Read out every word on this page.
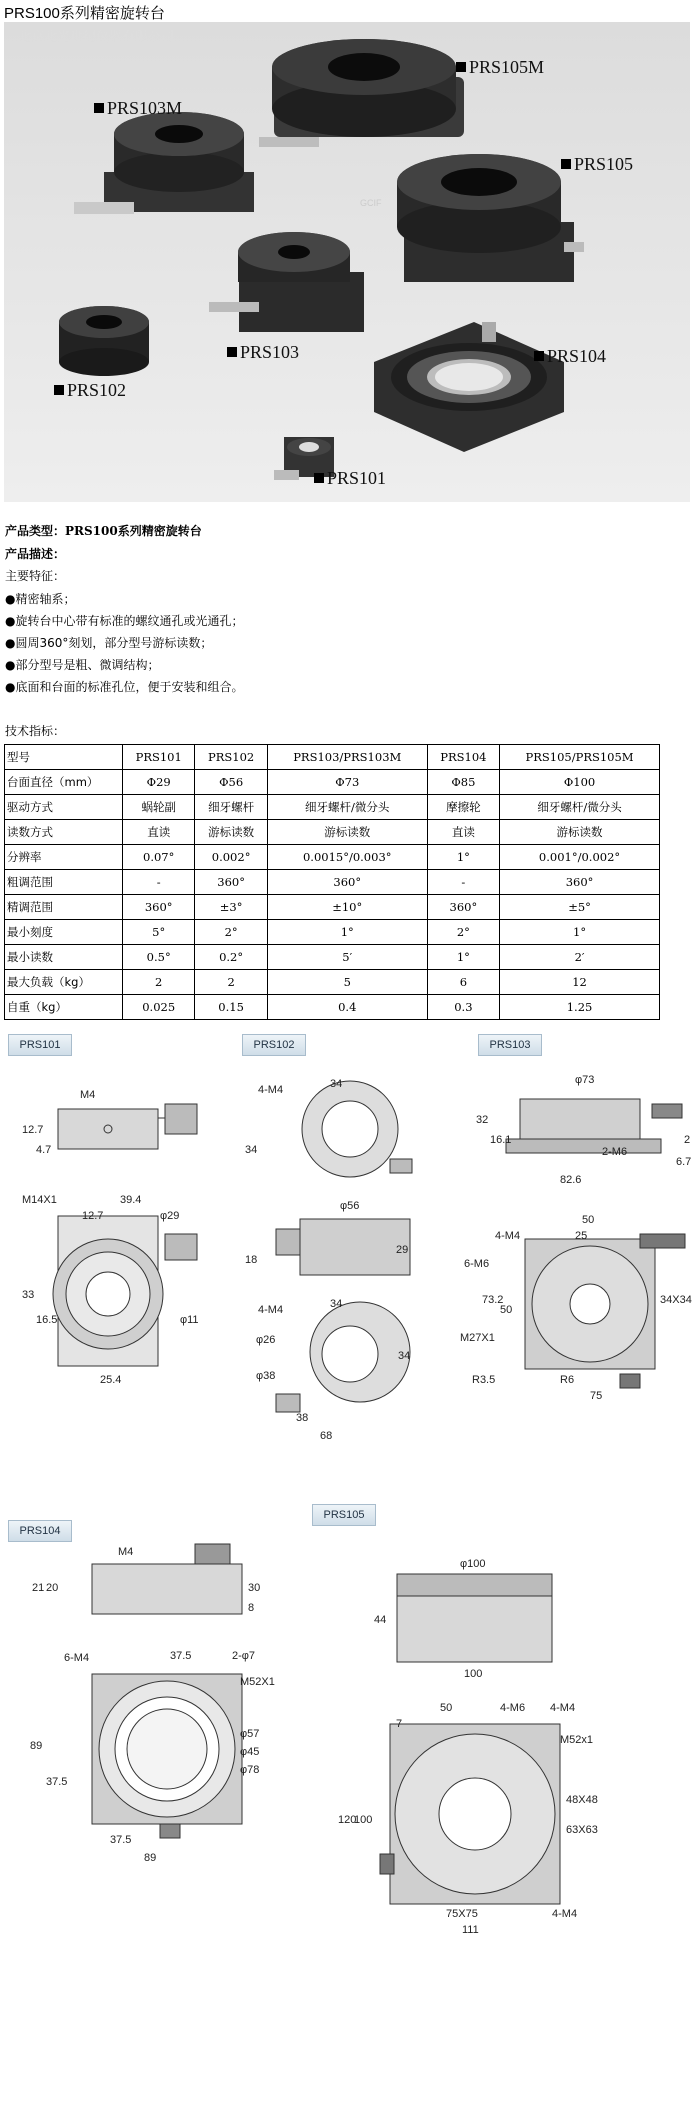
PRS100系列精密旋转台
GCIF
PRS103M
PRS105M
PRS105
PRS103	PRS104
PRS102
PRS101
北京北光世纪仪器有限公司
产品类型：PRS100系列精密旋转台
产品描述：
主要特征：
●精密轴系；
●旋转台中心带有标准的螺纹通孔或光通孔；
●圆周360°刻划，部分型号游标读数；
●部分型号是粗、微调结构；
●底面和台面的标准孔位，便于安装和组合。
技术指标：
型号	PRS101	PRS102	PRS103/PRS103M	PRS104	PRS105/PRS105M
台面直径（mm）	Φ29	Φ56	Φ73	Φ85	Φ100
驱动方式	蜗轮副	细牙螺杆	细牙螺杆/微分头	摩擦轮	细牙螺杆/微分头
读数方式	直读	游标读数	游标读数	直读	游标读数
分辨率	0.07°	0.002°	0.0015°/0.003°	1°	0.001°/0.002°
粗调范围	-	360°	360°	-	360°
精调范围	360°	±3°	±10°	360°	±5°
最小刻度	5°	2°	1°	2°	1°
最小读数	0.5°	0.2°	5′	1°	2′
最大负载（kg）	2	2	5	6	12
自重（kg）	0.025	0.15	0.4	0.3	1.25
PRS101	PRS102	PRS103
PRS104
PRS105
M4
12.7
4.7
M14X1	39.4
12.7	φ29
33
16.5	φ11
25.4
4-M4	34
34
φ56
18
29
4-M4	34
φ26
φ38
34
38
68
φ73
32
16.1	2
6.7
2-M6
82.6
4-M4
50
25
6-M6
73.2
50
34X34
M27X1
R3.5	R6
75
M4
21 20	30
8
6-M4	37.5	2-φ7
M52X1
89
37.5
φ57
φ45
φ78
37.5
89
φ100
44
100
50	4-M6 4-M4
7
M52x1
120
100
48X48
63X63
75X75	4-M4
111
